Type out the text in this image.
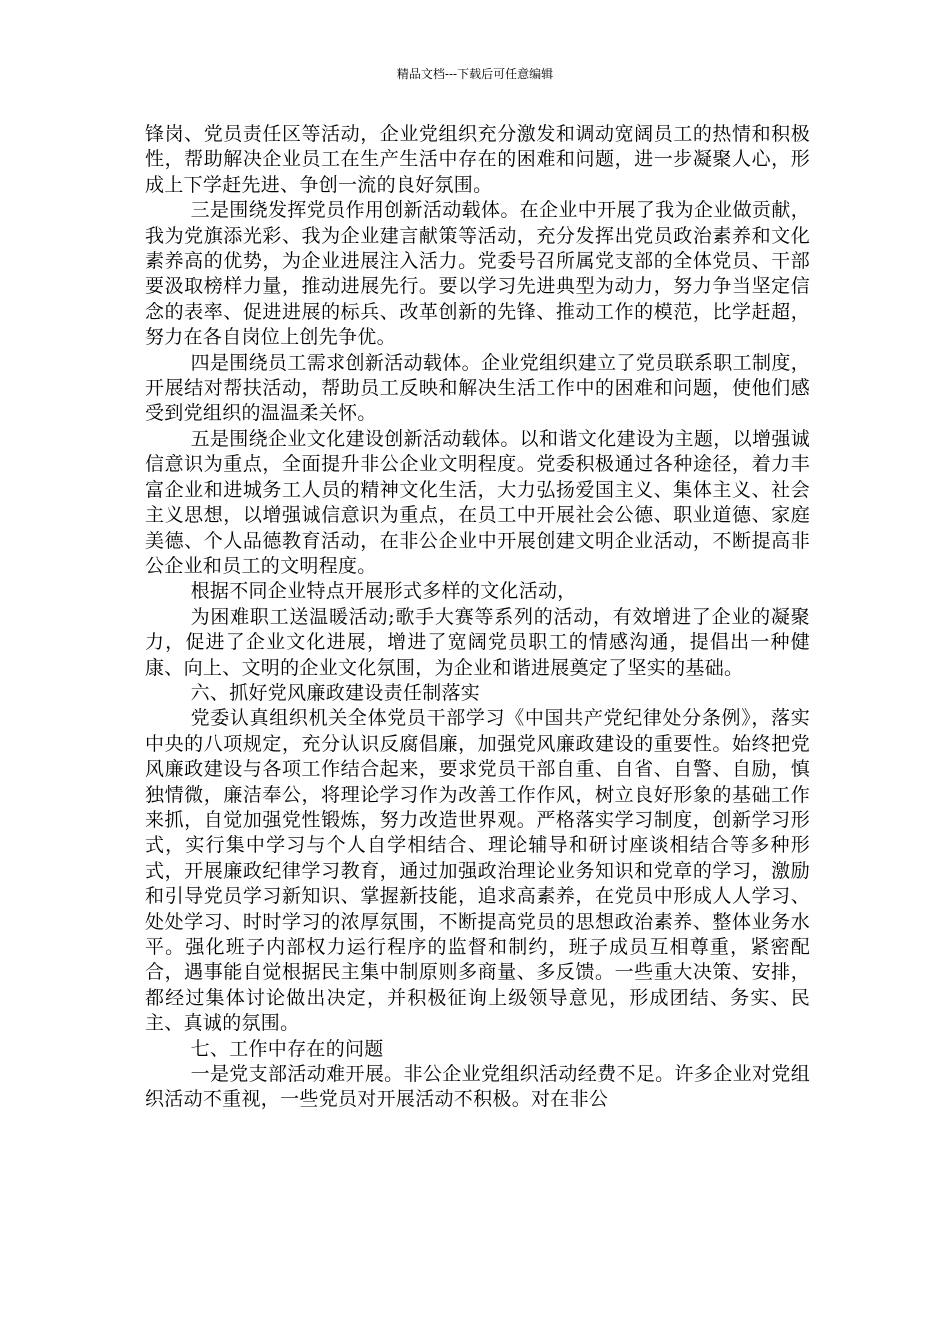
精品文档---下载后可任意编辑

锋岗、党员责任区等活动，企业党组织充分激发和调动宽阔员工的热情和积极性，帮助解决企业员工在生产生活中存在的困难和问题，进一步凝聚人心，形成上下学赶先进、争创一流的良好氛围。

三是围绕发挥党员作用创新活动载体。在企业中开展了我为企业做贡献，我为党旗添光彩、我为企业建言献策等活动，充分发挥出党员政治素养和文化素养高的优势，为企业进展注入活力。党委号召所属党支部的全体党员、干部要汲取榜样力量，推动进展先行。要以学习先进典型为动力，努力争当坚定信念的表率、促进进展的标兵、改革创新的先锋、推动工作的模范，比学赶超，努力在各自岗位上创先争优。

四是围绕员工需求创新活动载体。企业党组织建立了党员联系职工制度，开展结对帮扶活动，帮助员工反映和解决生活工作中的困难和问题，使他们感受到党组织的温温柔关怀。

五是围绕企业文化建设创新活动载体。以和谐文化建设为主题，以增强诚信意识为重点，全面提升非公企业文明程度。党委积极通过各种途径，着力丰富企业和进城务工人员的精神文化生活，大力弘扬爱国主义、集体主义、社会主义思想，以增强诚信意识为重点，在员工中开展社会公德、职业道德、家庭美德、个人品德教育活动，在非公企业中开展创建文明企业活动，不断提高非公企业和员工的文明程度。

根据不同企业特点开展形式多样的文化活动，

为困难职工送温暖活动;歌手大赛等系列的活动，有效增进了企业的凝聚力，促进了企业文化进展，增进了宽阔党员职工的情感沟通，提倡出一种健康、向上、文明的企业文化氛围，为企业和谐进展奠定了坚实的基础。

六、抓好党风廉政建设责任制落实

党委认真组织机关全体党员干部学习《中国共产党纪律处分条例》，落实中央的八项规定，充分认识反腐倡廉，加强党风廉政建设的重要性。始终把党风廉政建设与各项工作结合起来，要求党员干部自重、自省、自警、自励，慎独情微，廉洁奉公，将理论学习作为改善工作作风，树立良好形象的基础工作来抓，自觉加强党性锻炼，努力改造世界观。严格落实学习制度，创新学习形式，实行集中学习与个人自学相结合、理论辅导和研讨座谈相结合等多种形式，开展廉政纪律学习教育，通过加强政治理论业务知识和党章的学习，激励和引导党员学习新知识、掌握新技能，追求高素养，在党员中形成人人学习、处处学习、时时学习的浓厚氛围，不断提高党员的思想政治素养、整体业务水平。强化班子内部权力运行程序的监督和制约，班子成员互相尊重，紧密配合，遇事能自觉根据民主集中制原则多商量、多反馈。一些重大决策、安排，都经过集体讨论做出决定，并积极征询上级领导意见，形成团结、务实、民主、真诚的氛围。

七、工作中存在的问题

一是党支部活动难开展。非公企业党组织活动经费不足。许多企业对党组织活动不重视，一些党员对开展活动不积极。对在非公
